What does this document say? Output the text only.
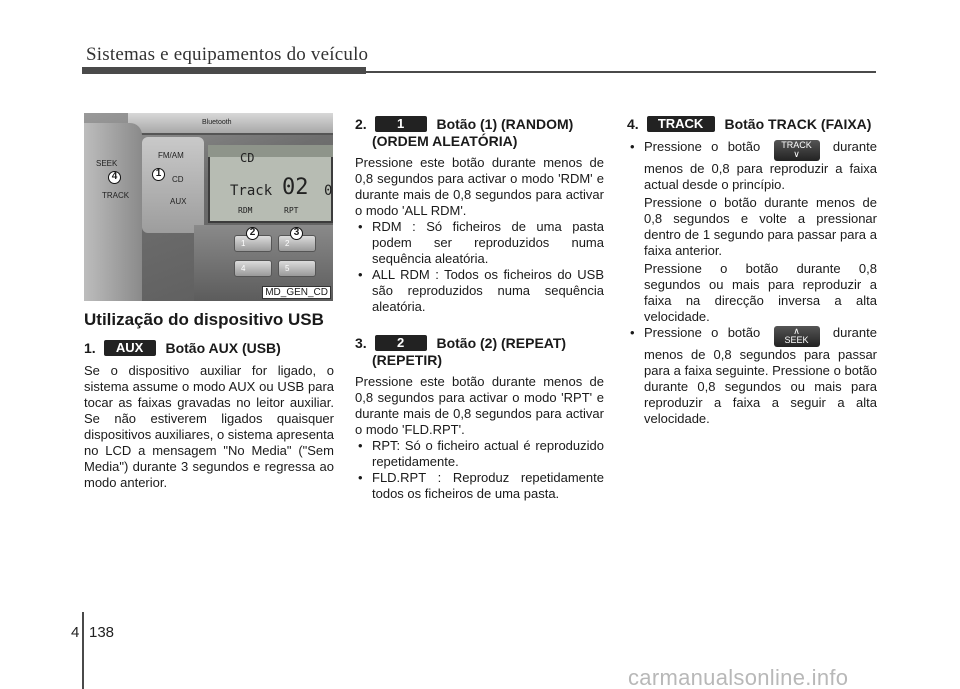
Sistemas e equipamentos do veículo
Bluetooth
SEEK
TRACK
FM/AM
CD
AUX
CD
Track 02 0
RDM	RPT
1	2
4	5
1
2	3
4
MD_GEN_CD
Utilização do dispositivo USB
1. AUX Botão AUX (USB)

Se o dispositivo auxiliar for ligado, o sistema assume o modo AUX ou USB para tocar as faixas gravadas no leitor auxiliar. Se não estiverem ligados quaisquer dispositivos auxiliares, o sistema apresenta no LCD a mensagem "No Media" ("Sem Media") durante 3 segundos e regressa ao modo anterior.

2. 1 Botão (1) (RANDOM)
(ORDEM ALEATÓRIA)

Pressione este botão durante menos de 0,8 segundos para activar o modo 'RDM' e durante mais de 0,8 segundos para activar o modo 'ALL RDM'.

• RDM : Só ficheiros de uma pasta podem ser reproduzidos numa sequência aleatória.
• ALL RDM : Todos os ficheiros do USB são reproduzidos numa sequência aleatória.
3. 2 Botão (2) (REPEAT)
(REPETIR)

Pressione este botão durante menos de 0,8 segundos para activar o modo 'RPT' e durante mais de 0,8 segundos para activar o modo 'FLD.RPT'.

• RPT: Só o ficheiro actual é reproduzido repetidamente.
• FLD.RPT : Reproduz repetidamente todos os ficheiros de uma pasta.
4. TRACK Botão TRACK (FAIXA)
• Pressione o botão TRACK
∨	durante menos de 0,8 para reproduzir a faixa actual desde o princípio.

Pressione o botão durante menos de 0,8 segundos e volte a pressionar dentro de 1 segundo para passar para a faixa anterior.

Pressione o botão durante 0,8 segundos ou mais para reproduzir a faixa na direcção inversa a alta velocidade.

• Pressione o botão	∧
SEEK durante menos de 0,8 segundos para passar para a faixa seguinte. Pressione o botão durante 0,8 segundos ou mais para reproduzir a faixa a seguir a alta velocidade.
4 138
carmanualsonline.info
